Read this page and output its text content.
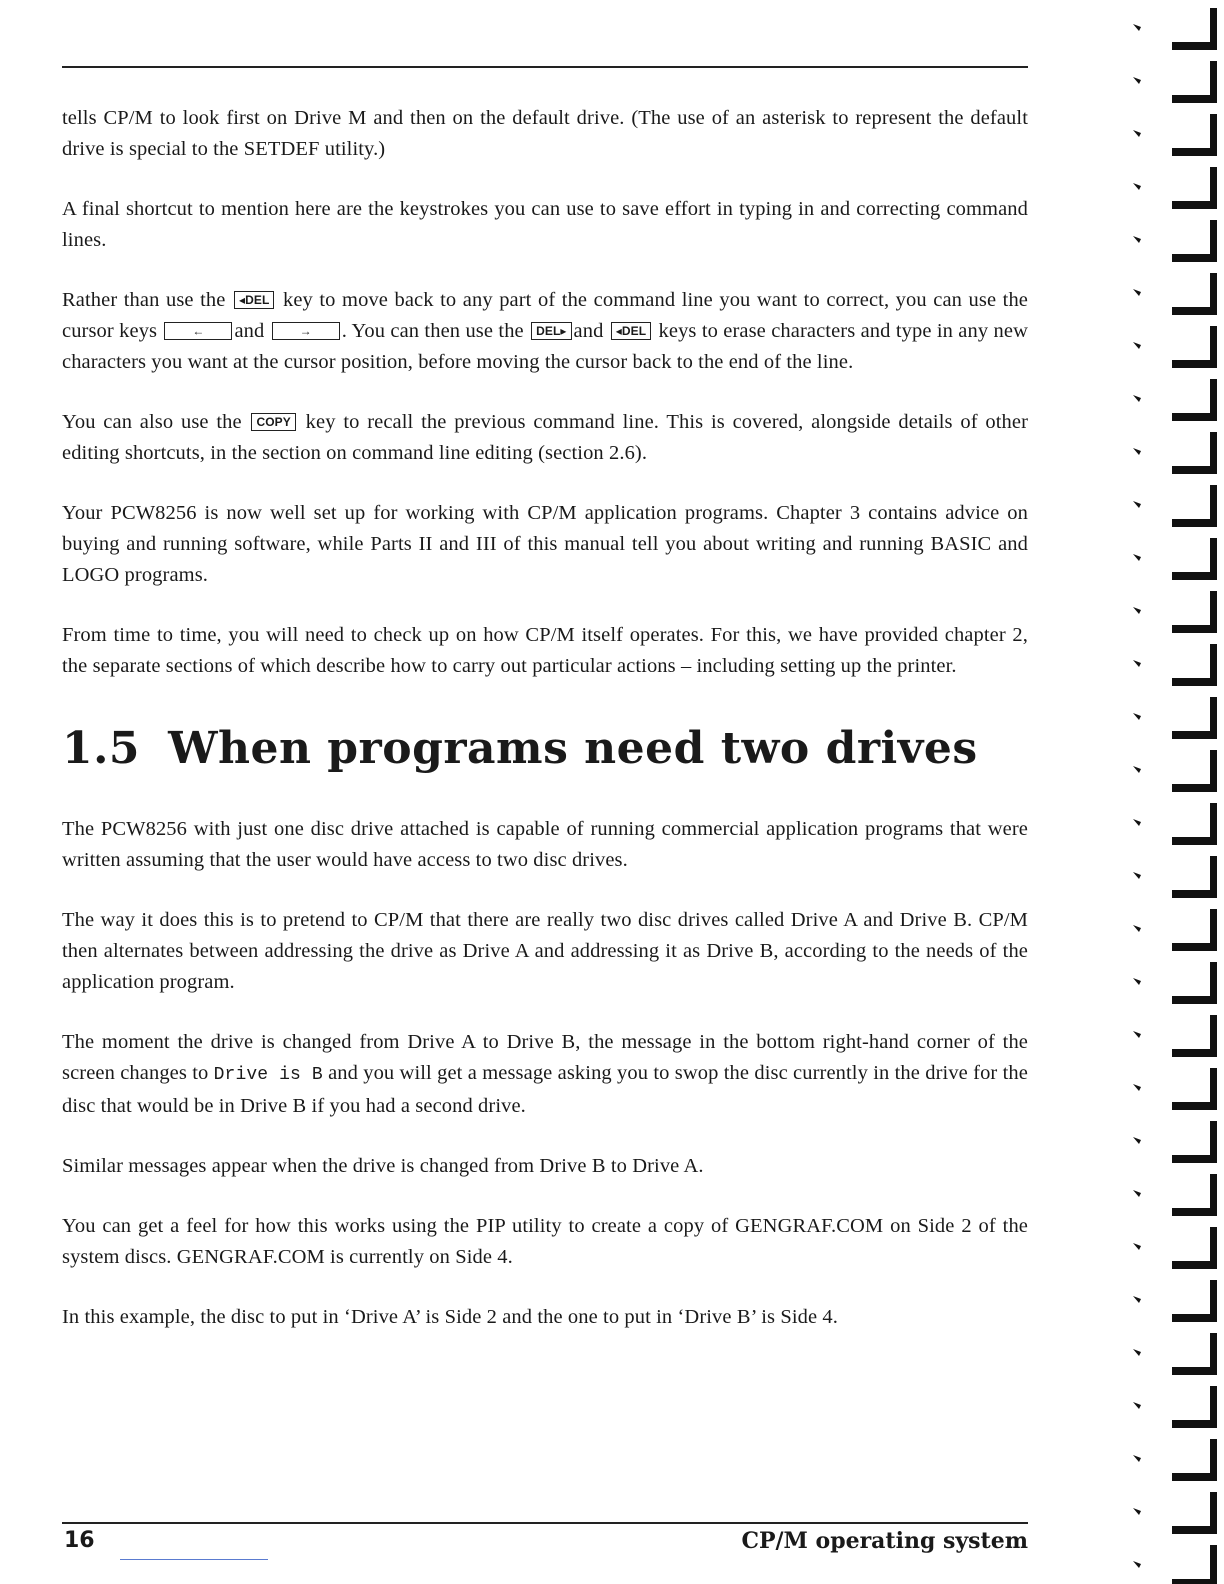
tells CP/M to look first on Drive M and then on the default drive. (The use of an asterisk to represent the default drive is special to the SETDEF utility.)

A final shortcut to mention here are the keystrokes you can use to save effort in typing in and correcting command lines.

Rather than use the ◂DEL key to move back to any part of the command line you want to correct, you can use the cursor keys	← and	→ . You can then use the DEL▸ and ◂DEL keys to erase characters and type in any new characters you want at the cursor position, before moving the cursor back to the end of the line.

You can also use the COPY key to recall the previous command line. This is covered, alongside details of other editing shortcuts, in the section on command line editing (section 2.6).

Your PCW8256 is now well set up for working with CP/M application programs. Chapter 3 contains advice on buying and running software, while Parts II and III of this manual tell you about writing and running BASIC and LOGO programs.

From time to time, you will need to check up on how CP/M itself operates. For this, we have provided chapter 2, the separate sections of which describe how to carry out particular actions – including setting up the printer.

1.5 When programs need two drives

The PCW8256 with just one disc drive attached is capable of running commercial application programs that were written assuming that the user would have access to two disc drives.

The way it does this is to pretend to CP/M that there are really two disc drives called Drive A and Drive B. CP/M then alternates between addressing the drive as Drive A and addressing it as Drive B, according to the needs of the application program.

The moment the drive is changed from Drive A to Drive B, the message in the bottom right-hand corner of the screen changes to Drive is B and you will get a message asking you to swop the disc currently in the drive for the disc that would be in Drive B if you had a second drive.

Similar messages appear when the drive is changed from Drive B to Drive A.

You can get a feel for how this works using the PIP utility to create a copy of GENGRAF.COM on Side 2 of the system discs. GENGRAF.COM is currently on Side 4.

In this example, the disc to put in ‘Drive A’ is Side 2 and the one to put in ‘Drive B’ is Side 4.

16	CP/M operating system
